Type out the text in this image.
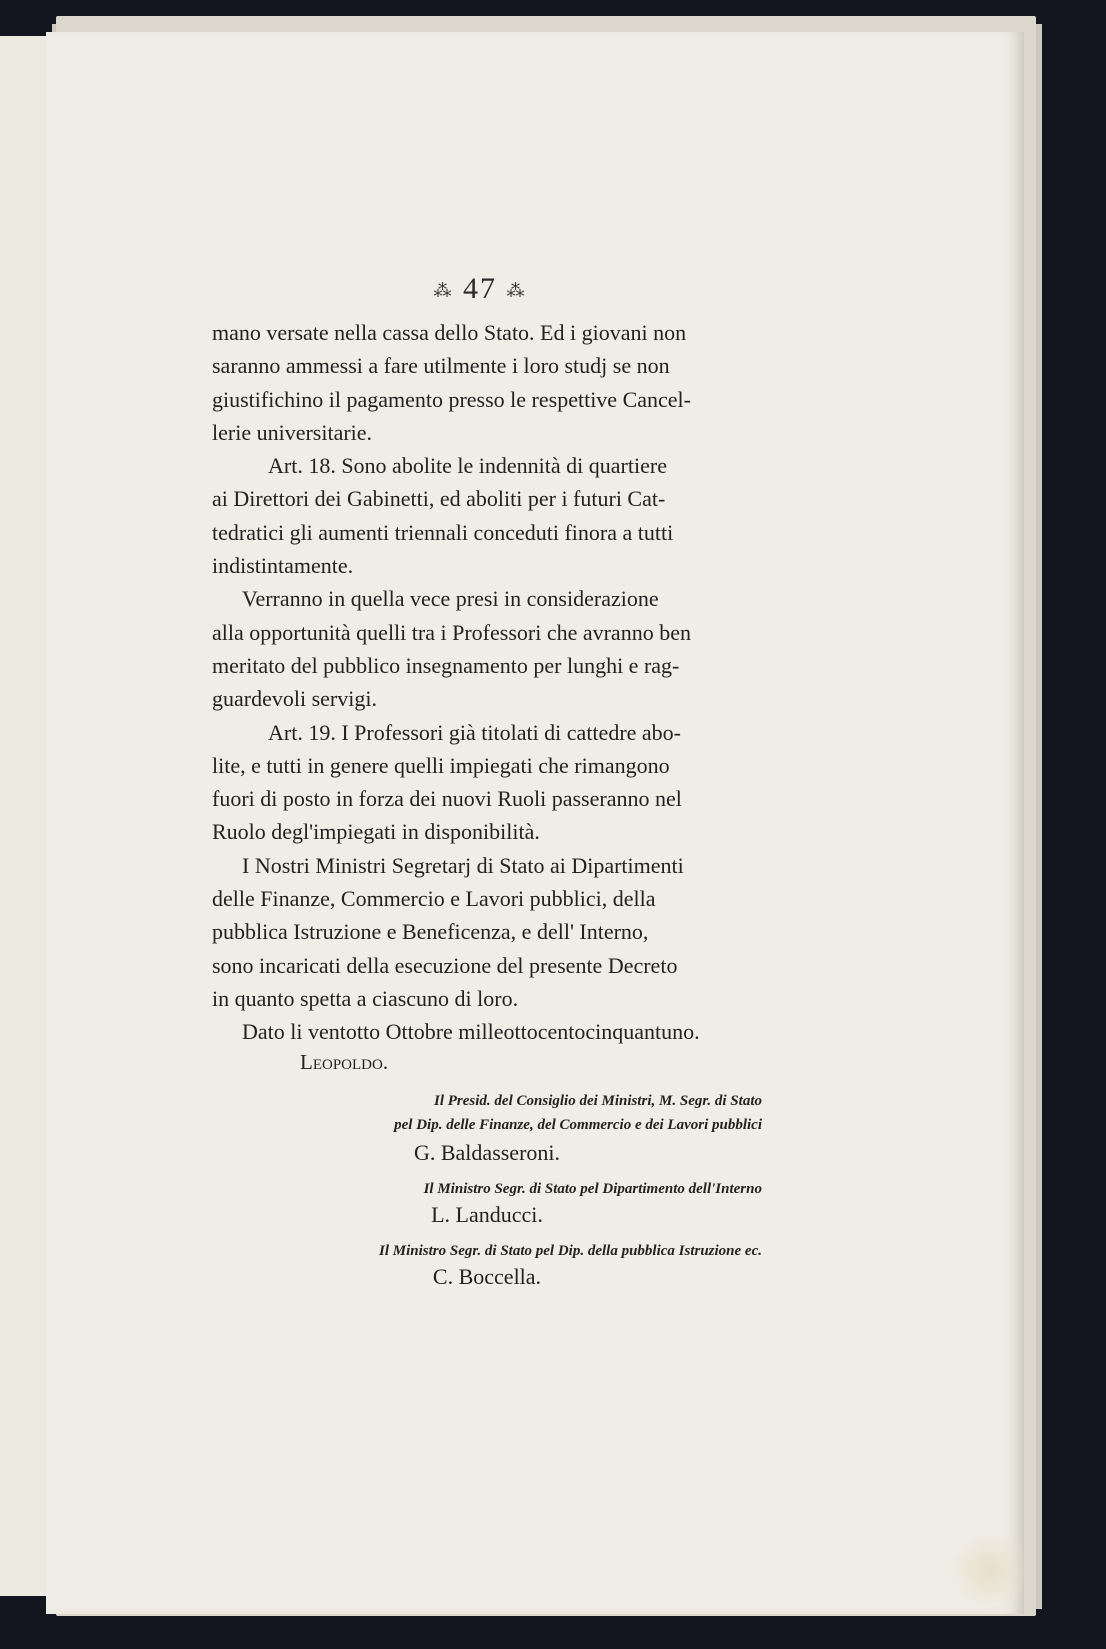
⁂ 47 ⁂

mano versate nella cassa dello Stato. Ed i giovani non

saranno ammessi a fare utilmente i loro studj se non

giustifichino il pagamento presso le respettive Cancel-

lerie universitarie.

Art. 18. Sono abolite le indennità di quartiere

ai Direttori dei Gabinetti, ed aboliti per i futuri Cat-

tedratici gli aumenti triennali conceduti finora a tutti

indistintamente.

Verranno in quella vece presi in considerazione

alla opportunità quelli tra i Professori che avranno ben

meritato del pubblico insegnamento per lunghi e rag-

guardevoli servigi.

Art. 19. I Professori già titolati di cattedre abo-

lite, e tutti in genere quelli impiegati che rimangono

fuori di posto in forza dei nuovi Ruoli passeranno nel

Ruolo degl'impiegati in disponibilità.

I Nostri Ministri Segretarj di Stato ai Dipartimenti

delle Finanze, Commercio e Lavori pubblici, della

pubblica Istruzione e Beneficenza, e dell' Interno,

sono incaricati della esecuzione del presente Decreto

in quanto spetta a ciascuno di loro.

Dato li ventotto Ottobre milleottocentocinquantuno.

Leopoldo.
Il Presid. del Consiglio dei Ministri, M. Segr. di Stato
pel Dip. delle Finanze, del Commercio e dei Lavori pubblici
G. Baldasseroni.
Il Ministro Segr. di Stato pel Dipartimento dell'Interno
L. Landucci.
Il Ministro Segr. di Stato pel Dip. della pubblica Istruzione ec.
C. Boccella.
